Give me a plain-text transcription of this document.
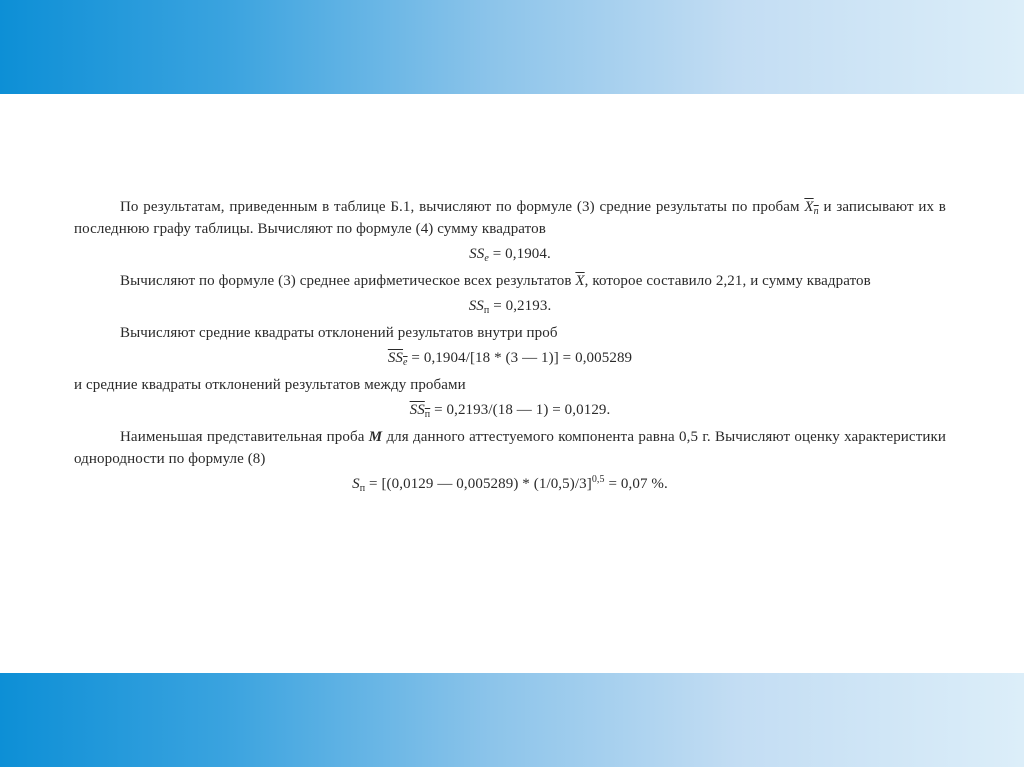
По результатам, приведенным в таблице Б.1, вычисляют по формуле (3) средние результаты по пробам $X_п$ и записывают их в последнюю графу таблицы. Вычисляют по формуле (4) сумму квадратов

$SS_e = 0,1904$.

Вычисляют по формуле (3) среднее арифметическое всех результатов $\overline{X}$, которое составило 2,21, и сумму квадратов

$SS_п = 0,2193$.

Вычисляют средние квадраты отклонений результатов внутри проб

$SS_e = 0,1904/[18 * (3$ — 1)] = 0,005289

и средние квадраты отклонений результатов между пробами

$SS_п = 0,2193/(18$ — 1) = 0,0129.

Наименьшая представительная проба M для данного аттестуемого компонента равна 0,5 г. Вычисляют оценку характеристики однородности по формуле (8)

$S_п = [(0,0129$ — 0,005289) * (1/0,5)/3]$^{0,5}$ = 0,07 %.
